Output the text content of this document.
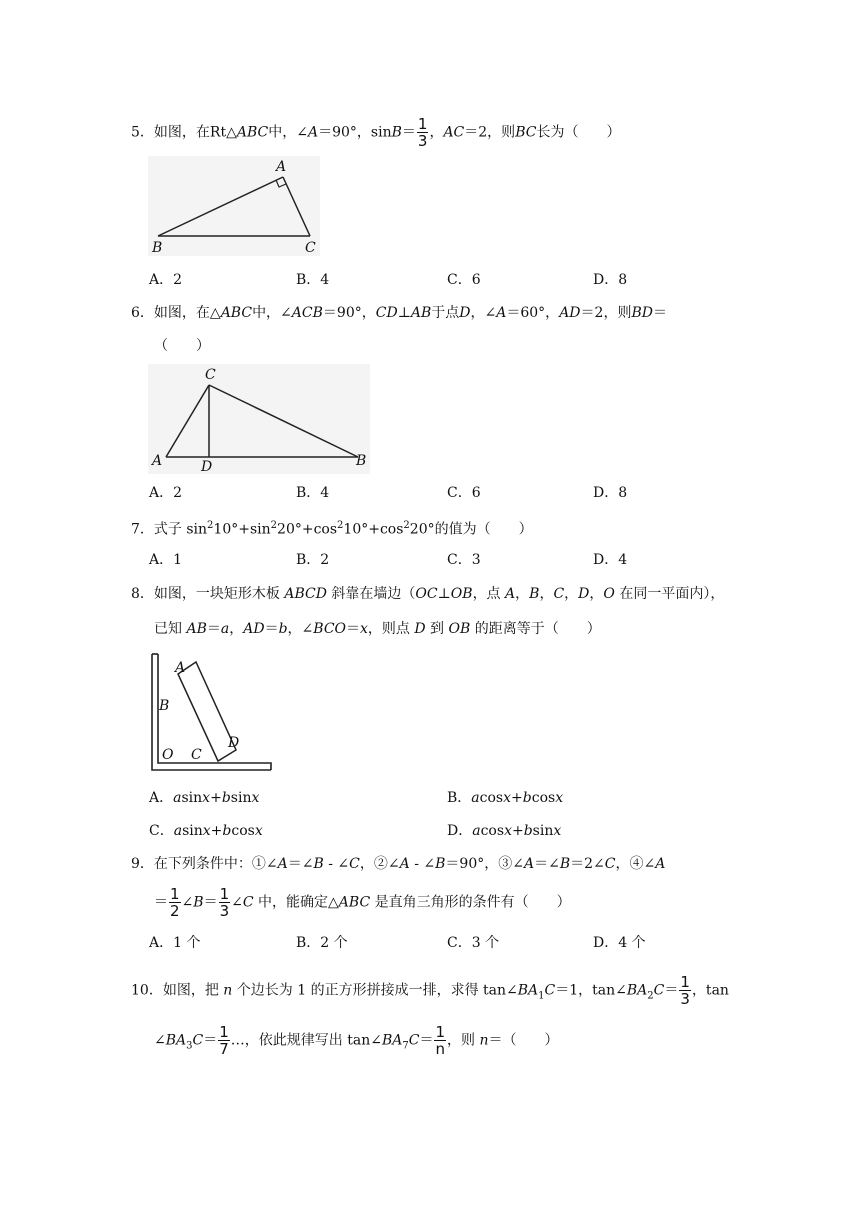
5．如图，在Rt△ABC中，∠A＝90°，$\sin B= \frac{1}{3}$ ，AC＝2，则BC长为（　　）
A
B	C
A．2	B．4	C．6	D．8
6．如图，在△ABC中，∠ACB＝90°，CD⊥AB于点D，∠A＝60°，AD＝2，则BD＝
（　　）
C
A	D	B
A．2	B．4	C．6	D．8
7．式子 $\sin^210^\circ+\sin^220^\circ+\cos^210^\circ+\cos^220^\circ$的值为（　　）
A．1	B．2	C．3	D．4
8．如图，一块矩形木板 ABCD 斜靠在墙边（OC⊥OB，点 A，B，C，D，O 在同一平面内），
已知 AB＝a，AD＝b，∠BCO＝x，则点 D 到 OB 的距离等于（　　）
A
B
O C
D
A．asinx+bsinx	B．acosx+bcosx
C．asinx+bcosx	D．acosx+bsinx
9．在下列条件中：①∠A＝∠B ‐ ∠C，②∠A ‐ ∠B＝90°，③∠A＝∠B＝2∠C，④∠A
＝ $\frac{1}{2}$ ∠B＝ $\frac{1}{3}$ ∠C 中，能确定△ABC 是直角三角形的条件有（　　）
A．1 个	B．2 个	C．3 个	D．4 个
10．如图，把 n 个边长为 1 的正方形拼接成一排，求得 $\tan\angle BA_1C=1$，$\tan\angle BA_2C= \frac{1}{3}$ ，tan
$\angle BA_3C= \frac{1}{7}$ …，依此规律写出 $\tan\angle BA_7C= \frac{1}{n}$ ，则 n＝（　　）
